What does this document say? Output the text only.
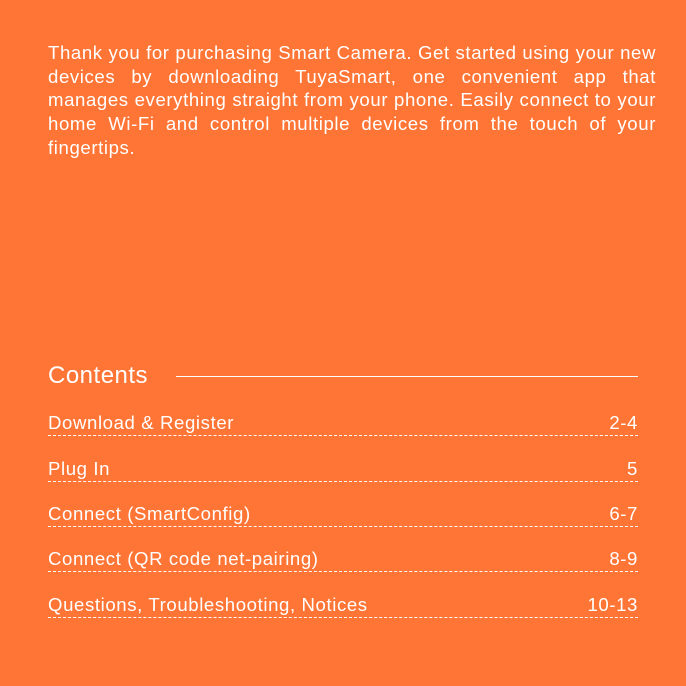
Thank you for purchasing Smart Camera. Get started using your new devices by downloading TuyaSmart, one convenient app that manages everything straight from your phone. Easily connect to your home Wi-Fi and control multiple devices from the touch of your fingertips.

Contents
Download & Register	2-4
Plug In	5
Connect (SmartConfig)	6-7
Connect (QR code net-pairing)	8-9
Questions, Troubleshooting, Notices	10-13
